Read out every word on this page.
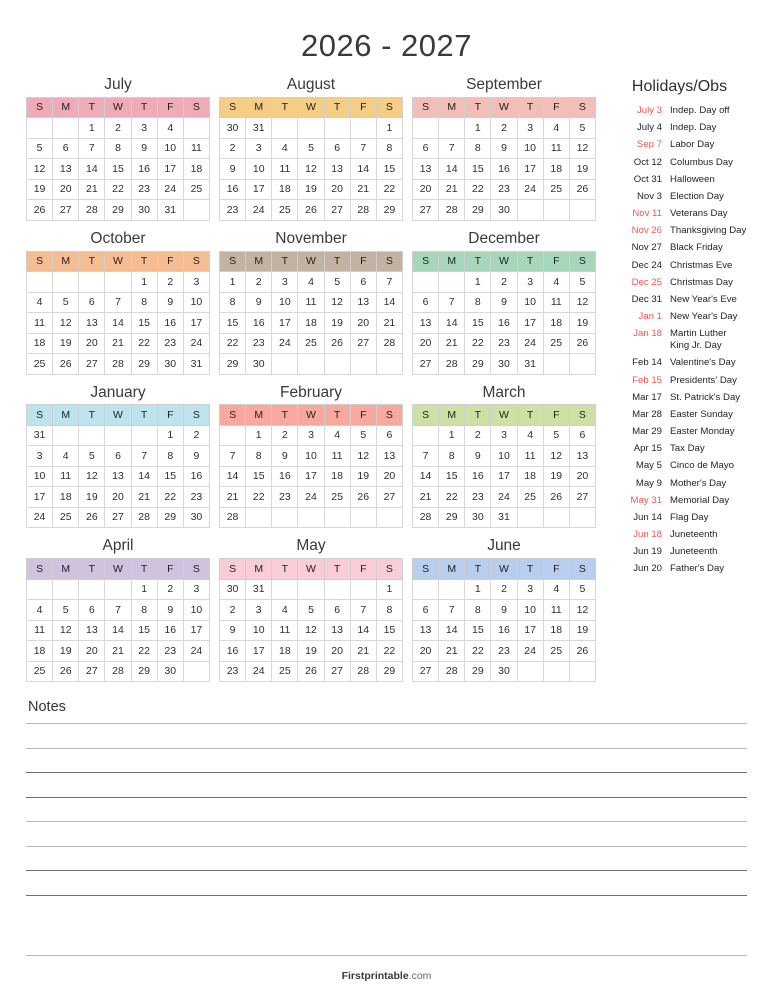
2026 - 2027
July
S	M	T	W	T	F	S
		1	2	3	4	
5	6	7	8	9	10	11
12	13	14	15	16	17	18
19	20	21	22	23	24	25
26	27	28	29	30	31	
August
S	M	T	W	T	F	S
30	31					1
2	3	4	5	6	7	8
9	10	11	12	13	14	15
16	17	18	19	20	21	22
23	24	25	26	27	28	29
September
S	M	T	W	T	F	S
		1	2	3	4	5
6	7	8	9	10	11	12
13	14	15	16	17	18	19
20	21	22	23	24	25	26
27	28	29	30			
October
S	M	T	W	T	F	S
				1	2	3
4	5	6	7	8	9	10
11	12	13	14	15	16	17
18	19	20	21	22	23	24
25	26	27	28	29	30	31
November
S	M	T	W	T	F	S
1	2	3	4	5	6	7
8	9	10	11	12	13	14
15	16	17	18	19	20	21
22	23	24	25	26	27	28
29	30					
December
S	M	T	W	T	F	S
		1	2	3	4	5
6	7	8	9	10	11	12
13	14	15	16	17	18	19
20	21	22	23	24	25	26
27	28	29	30	31		
January
S	M	T	W	T	F	S
31					1	2
3	4	5	6	7	8	9
10	11	12	13	14	15	16
17	18	19	20	21	22	23
24	25	26	27	28	29	30
February
S	M	T	W	T	F	S
	1	2	3	4	5	6
7	8	9	10	11	12	13
14	15	16	17	18	19	20
21	22	23	24	25	26	27
28						
March
S	M	T	W	T	F	S
	1	2	3	4	5	6
7	8	9	10	11	12	13
14	15	16	17	18	19	20
21	22	23	24	25	26	27
28	29	30	31			
April
S	M	T	W	T	F	S
				1	2	3
4	5	6	7	8	9	10
11	12	13	14	15	16	17
18	19	20	21	22	23	24
25	26	27	28	29	30	
May
S	M	T	W	T	F	S
30	31					1
2	3	4	5	6	7	8
9	10	11	12	13	14	15
16	17	18	19	20	21	22
23	24	25	26	27	28	29
June
S	M	T	W	T	F	S
		1	2	3	4	5
6	7	8	9	10	11	12
13	14	15	16	17	18	19
20	21	22	23	24	25	26
27	28	29	30			
Holidays/Obs
July 3 Indep. Day off
July 4 Indep. Day
Sep 7 Labor Day
Oct 12 Columbus Day
Oct 31 Halloween
Nov 3 Election Day
Nov 11 Veterans Day
Nov 26 Thanksgiving Day
Nov 27 Black Friday
Dec 24 Christmas Eve
Dec 25 Christmas Day
Dec 31 New Year's Eve
Jan 1 New Year's Day
Jan 18 Martin Luther King Jr. Day
Feb 14 Valentine's Day
Feb 15 Presidents' Day
Mar 17 St. Patrick's Day
Mar 28 Easter Sunday
Mar 29 Easter Monday
Apr 15 Tax Day
May 5 Cinco de Mayo
May 9 Mother's Day
May 31 Memorial Day
Jun 14 Flag Day
Jun 18 Juneteenth
Jun 19 Juneteenth
Jun 20 Father's Day
Notes
Firstprintable.com
